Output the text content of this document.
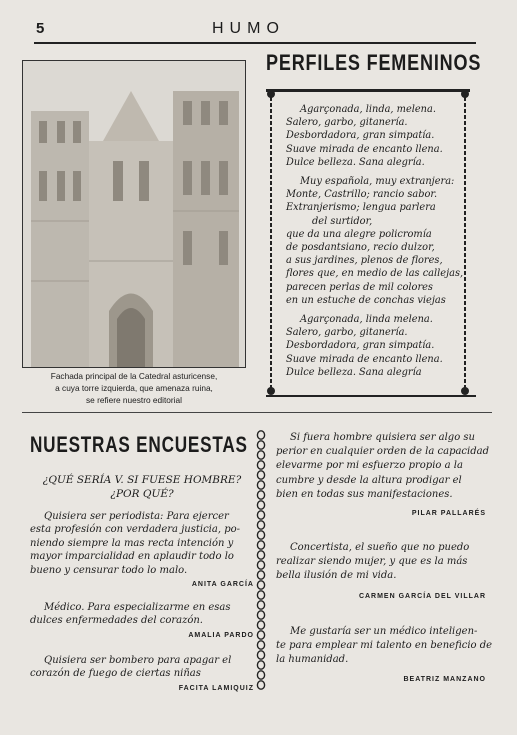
5	HUMO
Fachada principal de la Catedral asturicense,
a cuya torre izquierda, que amenaza ruina,
se refiere nuestro editorial
PERFILES FEMENINOS
Agarçonada, linda, melena.
Salero, garbo, gitanería.
Desbordadora, gran simpatía.
Suave mirada de encanto llena.
Dulce belleza. Sana alegría.
Muy española, muy extranjera:
Monte, Castrillo; rancio sabor.
Extranjerismo; lengua parlera
del surtidor,
que da una alegre policromía
de posdantsiano, recio dulzor,
a sus jardines, plenos de flores,
flores que, en medio de las callejas,
parecen perlas de mil colores
en un estuche de conchas viejas
Agarçonada, linda melena.
Salero, garbo, gitanería.
Desbordadora, gran simpatía.
Suave mirada de encanto llena.
Dulce belleza. Sana alegría
NUESTRAS ENCUESTAS
¿QUÉ SERÍA V. SI FUESE HOMBRE?
¿POR QUÉ?
Quisiera ser periodista: Para ejercer
esta profesión con verdadera justicia, po-
niendo siempre la mas recta intención y
mayor imparcialidad en aplaudir todo lo
bueno y censurar todo lo malo.
ANITA GARCÍA
Médico. Para especializarme en esas
dulces enfermedades del corazón.
AMALIA PARDO
Quisiera ser bombero para apagar el
corazón de fuego de ciertas niñas
FACITA LAMIQUIZ
Si fuera hombre quisiera ser algo su
perior en cualquier orden de la capacidad
elevarme por mi esfuerzo propio a la
cumbre y desde la altura prodigar el
bien en todas sus manifestaciones.
PILAR PALLARÉS
Concertista, el sueño que no puedo
realizar siendo mujer, y que es la más
bella ilusión de mi vida.
CARMEN GARCÍA DEL VILLAR
Me gustaría ser un médico inteligen-
te para emplear mi talento en beneficio de
la humanidad.
BEATRIZ MANZANO
